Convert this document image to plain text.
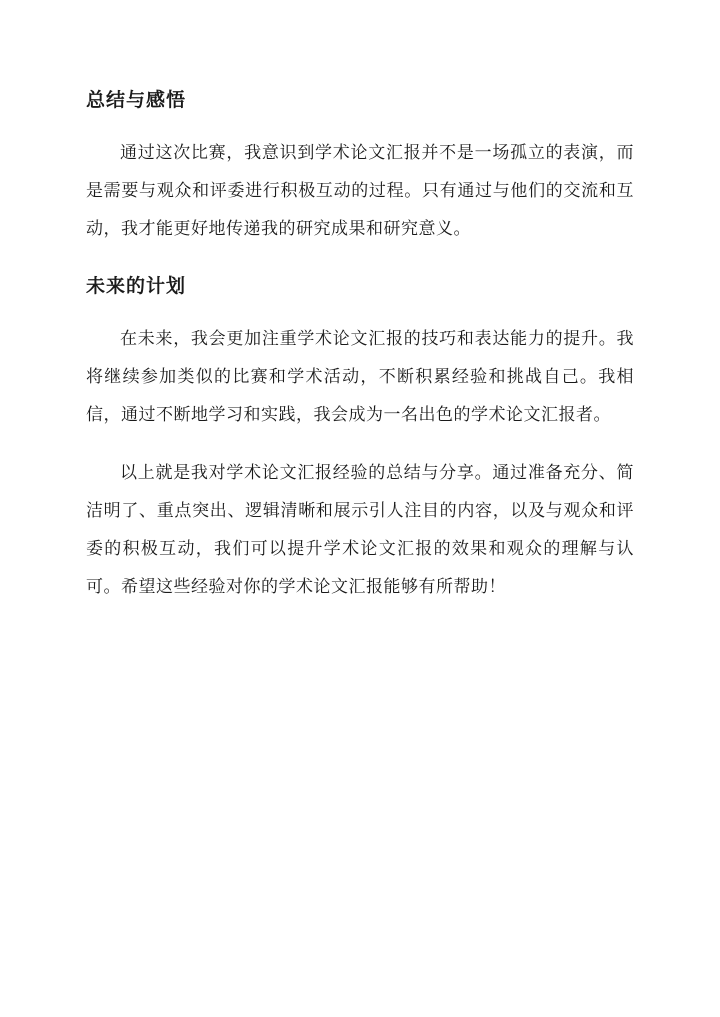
总结与感悟

通过这次比赛，我意识到学术论文汇报并不是一场孤立的表演，而是需要与观众和评委进行积极互动的过程。只有通过与他们的交流和互动，我才能更好地传递我的研究成果和研究意义。

未来的计划

在未来，我会更加注重学术论文汇报的技巧和表达能力的提升。我将继续参加类似的比赛和学术活动，不断积累经验和挑战自己。我相信，通过不断地学习和实践，我会成为一名出色的学术论文汇报者。

以上就是我对学术论文汇报经验的总结与分享。通过准备充分、简洁明了、重点突出、逻辑清晰和展示引人注目的内容，以及与观众和评委的积极互动，我们可以提升学术论文汇报的效果和观众的理解与认可。希望这些经验对你的学术论文汇报能够有所帮助！
